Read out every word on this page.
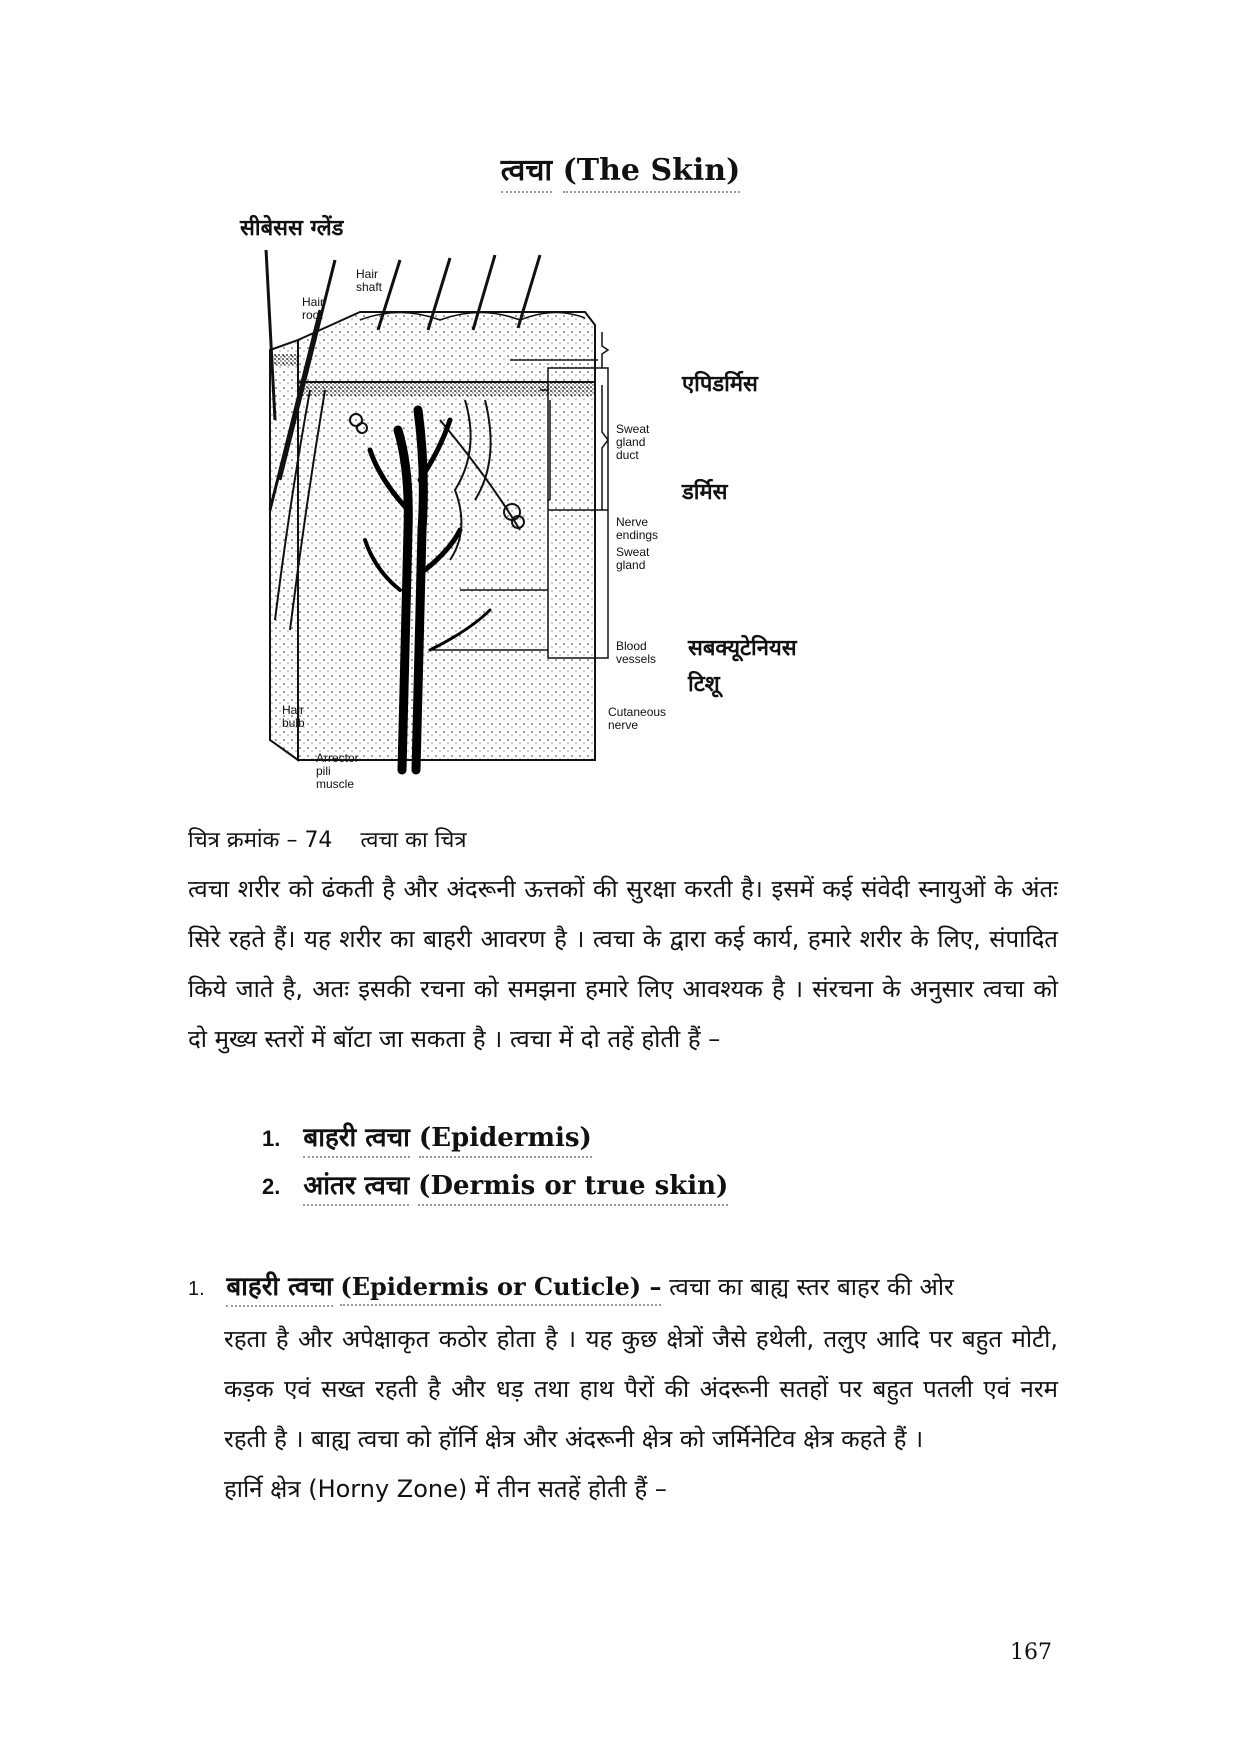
त्वचा (The Skin)
सीबेसस ग्लेंड
Hair shaft
Hair root
Sweat gland duct
Nerve endings
Sweat gland
Blood vessels
Cutaneous nerve
Hair bulb
Arrector pili muscle
एपिडर्मिस
डर्मिस
सबक्यूटेनियस
टिशू
चित्र क्रमांक – 74    त्वचा का चित्र
त्वचा शरीर को ढंकती है और अंदरूनी ऊत्तकों की सुरक्षा करती है। इसमें कई संवेदी स्नायुओं के अंतः सिरे रहते हैं। यह शरीर का बाहरी आवरण है । त्वचा के द्वारा कई कार्य, हमारे शरीर के लिए, संपादित किये जाते है, अतः इसकी रचना को समझना हमारे लिए आवश्यक है । संरचना के अनुसार त्वचा को दो मुख्य स्तरों में बॉटा जा सकता है । त्वचा में दो तहें होती हैं –
1. बाहरी त्वचा (Epidermis)
2. आंतर त्वचा (Dermis or true skin)
1. बाहरी त्वचा (Epidermis or Cuticle) – त्वचा का बाह्य स्तर बाहर की ओर
रहता है और अपेक्षाकृत कठोर होता है । यह कुछ क्षेत्रों जैसे हथेली, तलुए आदि पर बहुत मोटी, कड़क एवं सख्त रहती है और धड़ तथा हाथ पैरों की अंदरूनी सतहों पर बहुत पतली एवं नरम रहती है । बाह्य त्वचा को हॉर्नि क्षेत्र और अंदरूनी क्षेत्र को जर्मिनेटिव क्षेत्र कहते हैं ।
हार्नि क्षेत्र (Horny Zone) में तीन सतहें होती हैं –
167
